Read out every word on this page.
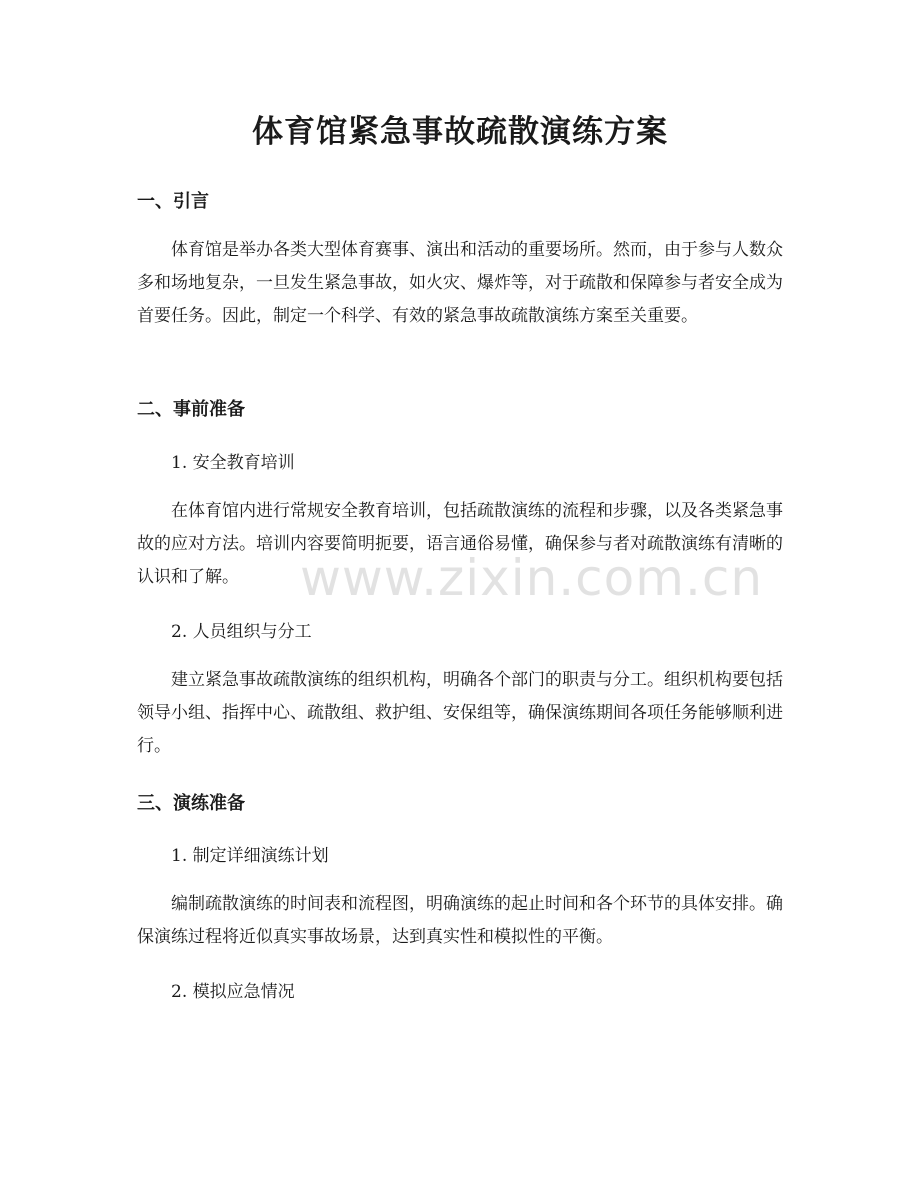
体育馆紧急事故疏散演练方案
一、引言

体育馆是举办各类大型体育赛事、演出和活动的重要场所。然而，由于参与人数众多和场地复杂，一旦发生紧急事故，如火灾、爆炸等，对于疏散和保障参与者安全成为首要任务。因此，制定一个科学、有效的紧急事故疏散演练方案至关重要。

二、事前准备

1. 安全教育培训

在体育馆内进行常规安全教育培训，包括疏散演练的流程和步骤，以及各类紧急事故的应对方法。培训内容要简明扼要，语言通俗易懂，确保参与者对疏散演练有清晰的认识和了解。

2. 人员组织与分工

建立紧急事故疏散演练的组织机构，明确各个部门的职责与分工。组织机构要包括领导小组、指挥中心、疏散组、救护组、安保组等，确保演练期间各项任务能够顺利进行。

三、演练准备

1. 制定详细演练计划

编制疏散演练的时间表和流程图，明确演练的起止时间和各个环节的具体安排。确保演练过程将近似真实事故场景，达到真实性和模拟性的平衡。

2. 模拟应急情况

www.zixin.com.cn
